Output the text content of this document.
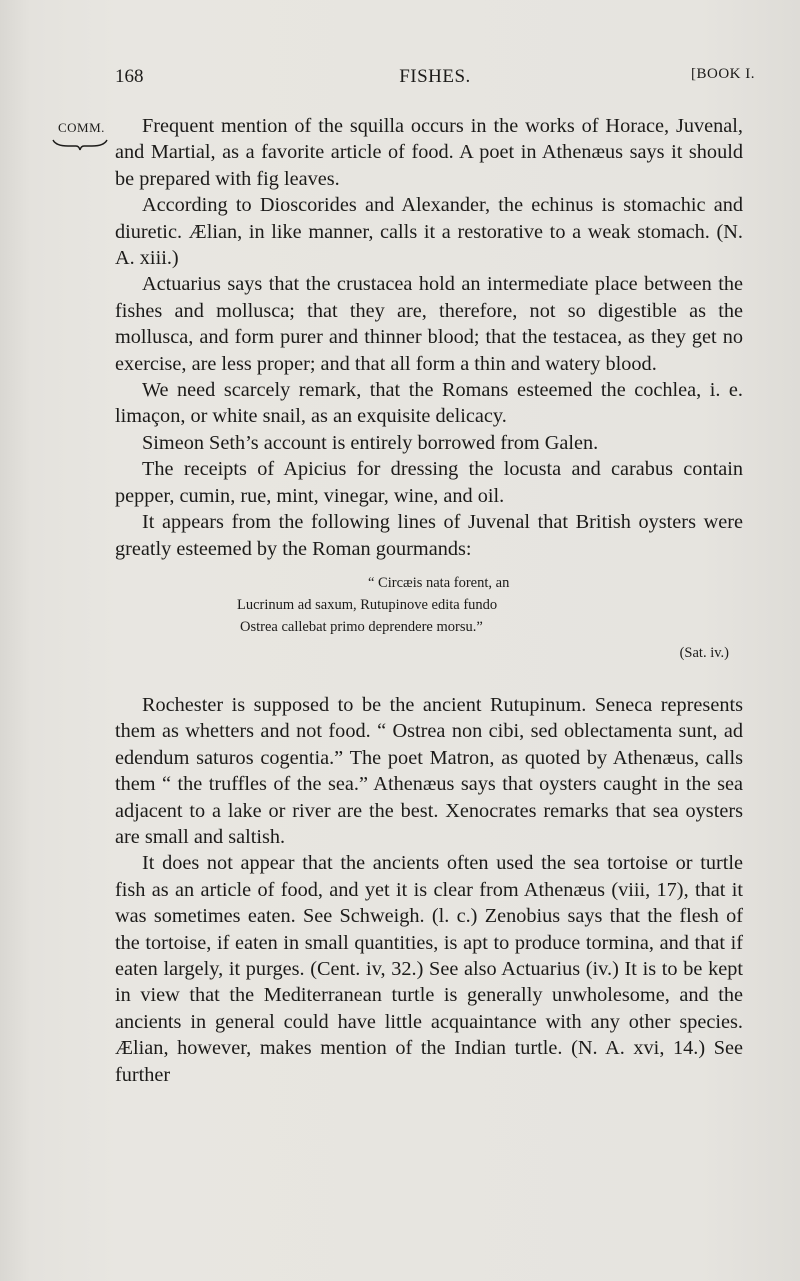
168	FISHES.	[BOOK I.
COMM.	Frequent mention of the squilla occurs in the works of Horace, Juvenal, and Martial, as a favorite article of food. A poet in Athenæus says it should be prepared with fig leaves.

According to Dioscorides and Alexander, the echinus is stomachic and diuretic. Ælian, in like manner, calls it a restorative to a weak stomach. (N. A. xiii.)

Actuarius says that the crustacea hold an intermediate place between the fishes and mollusca; that they are, therefore, not so digestible as the mollusca, and form purer and thinner blood; that the testacea, as they get no exercise, are less proper; and that all form a thin and watery blood.

We need scarcely remark, that the Romans esteemed the cochlea, i. e. limaçon, or white snail, as an exquisite delicacy.

Simeon Seth’s account is entirely borrowed from Galen.

The receipts of Apicius for dressing the locusta and carabus contain pepper, cumin, rue, mint, vinegar, wine, and oil.

It appears from the following lines of Juvenal that British oysters were greatly esteemed by the Roman gourmands:

“ Circæis nata forent, an
Lucrinum ad saxum, Rutupinove edita fundo
Ostrea callebat primo deprendere morsu.”
(Sat. iv.)

Rochester is supposed to be the ancient Rutupinum. Seneca represents them as whetters and not food. “ Ostrea non cibi, sed oblectamenta sunt, ad edendum saturos cogentia.” The poet Matron, as quoted by Athenæus, calls them “ the truffles of the sea.” Athenæus says that oysters caught in the sea adjacent to a lake or river are the best. Xenocrates remarks that sea oysters are small and saltish.

It does not appear that the ancients often used the sea tortoise or turtle fish as an article of food, and yet it is clear from Athenæus (viii, 17), that it was sometimes eaten. See Schweigh. (l. c.) Zenobius says that the flesh of the tortoise, if eaten in small quantities, is apt to produce tormina, and that if eaten largely, it purges. (Cent. iv, 32.) See also Actuarius (iv.) It is to be kept in view that the Mediterranean turtle is generally unwholesome, and the ancients in general could have little acquaintance with any other species. Ælian, however, makes mention of the Indian turtle. (N. A. xvi, 14.) See further
